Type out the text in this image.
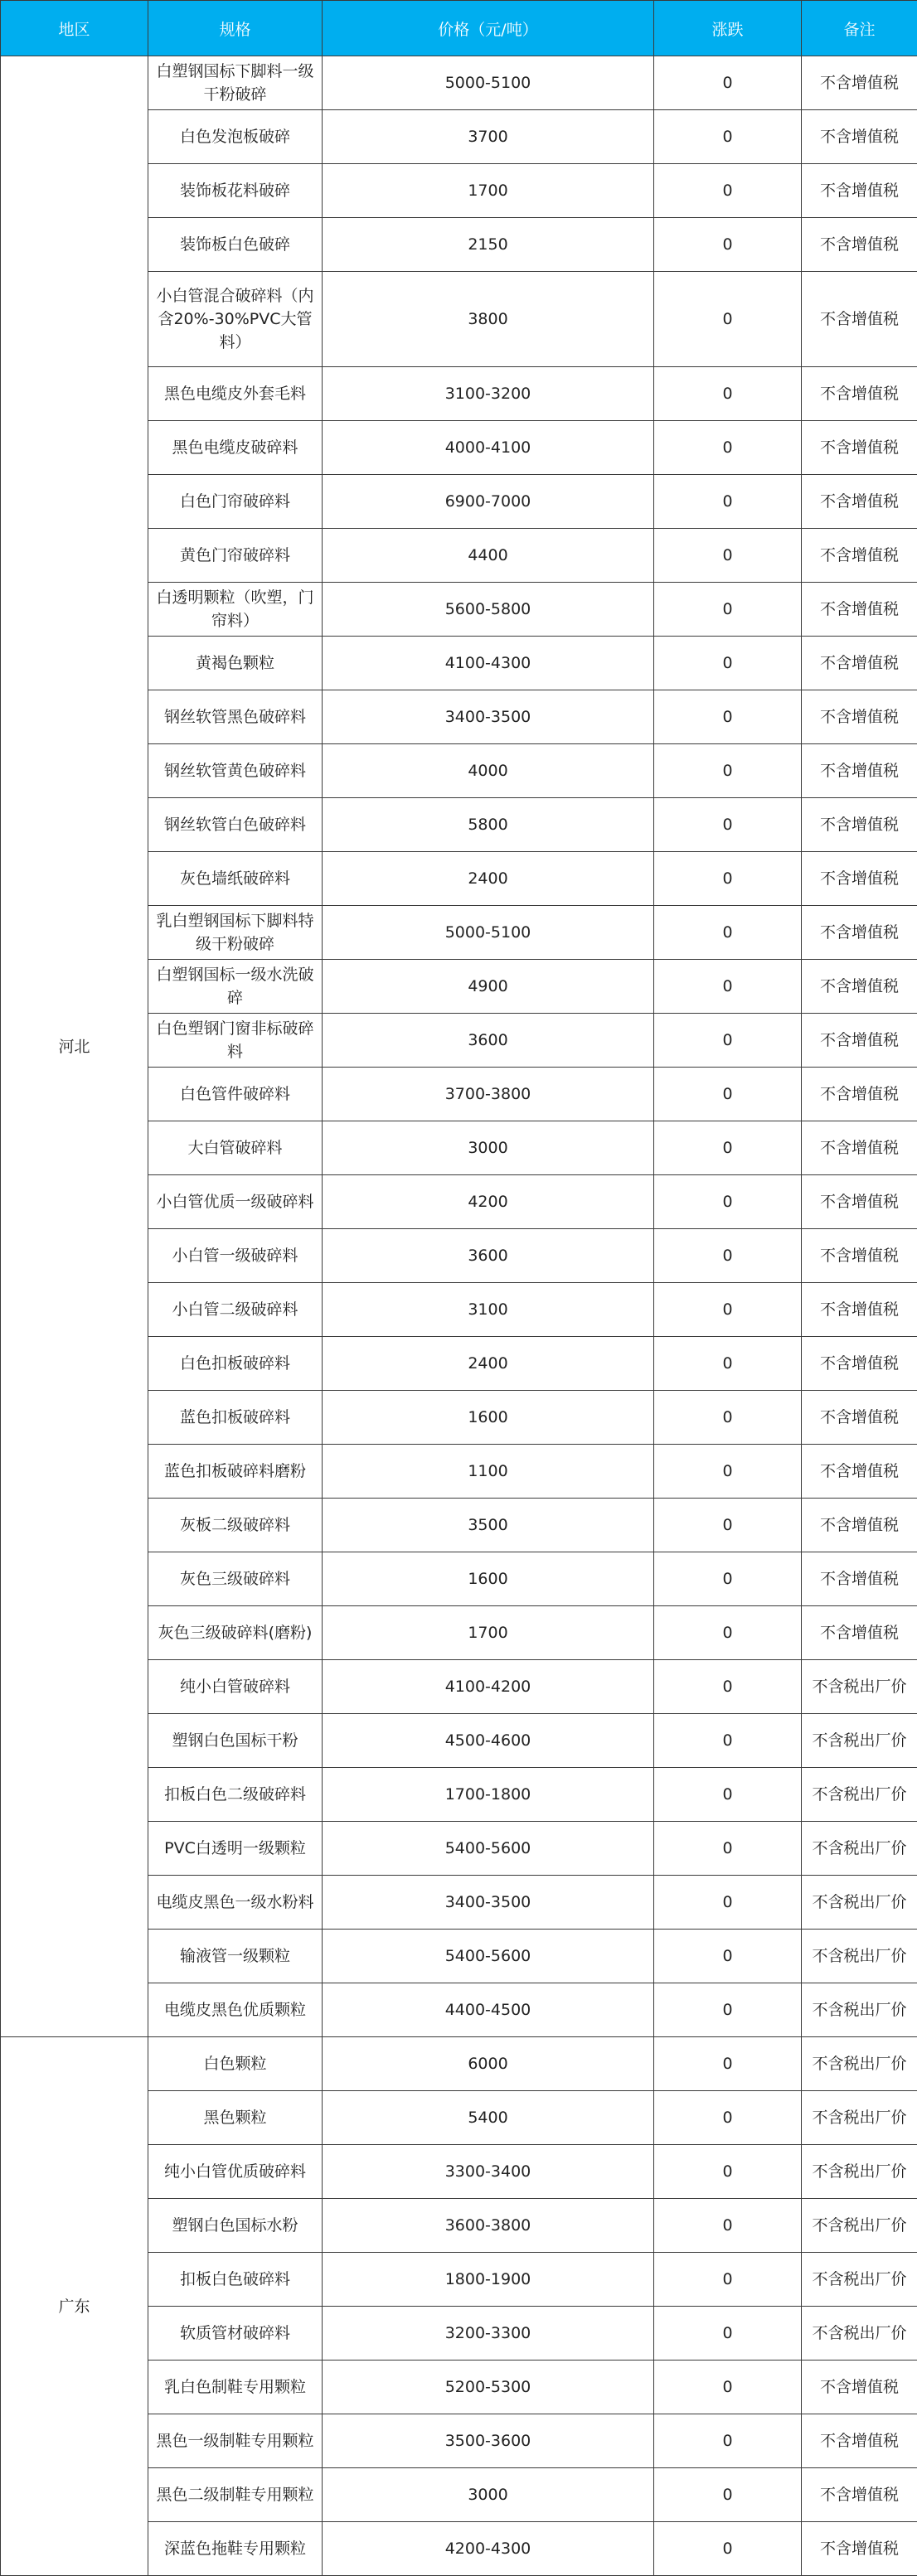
地区	规格	价格（元/吨）	涨跌	备注
河北	白塑钢国标下脚料一级干粉破碎	5000-5100	0	不含增值税
	白色发泡板破碎	3700	0	不含增值税
	装饰板花料破碎	1700	0	不含增值税
	装饰板白色破碎	2150	0	不含增值税
	小白管混合破碎料（内含20%-30%PVC大管料）	3800	0	不含增值税
	黑色电缆皮外套毛料	3100-3200	0	不含增值税
	黑色电缆皮破碎料	4000-4100	0	不含增值税
	白色门帘破碎料	6900-7000	0	不含增值税
	黄色门帘破碎料	4400	0	不含增值税
	白透明颗粒（吹塑，门帘料）	5600-5800	0	不含增值税
	黄褐色颗粒	4100-4300	0	不含增值税
	钢丝软管黑色破碎料	3400-3500	0	不含增值税
	钢丝软管黄色破碎料	4000	0	不含增值税
	钢丝软管白色破碎料	5800	0	不含增值税
	灰色墙纸破碎料	2400	0	不含增值税
	乳白塑钢国标下脚料特级干粉破碎	5000-5100	0	不含增值税
	白塑钢国标一级水洗破碎	4900	0	不含增值税
	白色塑钢门窗非标破碎料	3600	0	不含增值税
	白色管件破碎料	3700-3800	0	不含增值税
	大白管破碎料	3000	0	不含增值税
	小白管优质一级破碎料	4200	0	不含增值税
	小白管一级破碎料	3600	0	不含增值税
	小白管二级破碎料	3100	0	不含增值税
	白色扣板破碎料	2400	0	不含增值税
	蓝色扣板破碎料	1600	0	不含增值税
	蓝色扣板破碎料磨粉	1100	0	不含增值税
	灰板二级破碎料	3500	0	不含增值税
	灰色三级破碎料	1600	0	不含增值税
	灰色三级破碎料(磨粉)	1700	0	不含增值税
	纯小白管破碎料	4100-4200	0	不含税出厂价
	塑钢白色国标干粉	4500-4600	0	不含税出厂价
	扣板白色二级破碎料	1700-1800	0	不含税出厂价
	PVC白透明一级颗粒	5400-5600	0	不含税出厂价
	电缆皮黑色一级水粉料	3400-3500	0	不含税出厂价
	输液管一级颗粒	5400-5600	0	不含税出厂价
	电缆皮黑色优质颗粒	4400-4500	0	不含税出厂价
广东	白色颗粒	6000	0	不含税出厂价
	黑色颗粒	5400	0	不含税出厂价
	纯小白管优质破碎料	3300-3400	0	不含税出厂价
	塑钢白色国标水粉	3600-3800	0	不含税出厂价
	扣板白色破碎料	1800-1900	0	不含税出厂价
	软质管材破碎料	3200-3300	0	不含税出厂价
	乳白色制鞋专用颗粒	5200-5300	0	不含增值税
	黑色一级制鞋专用颗粒	3500-3600	0	不含增值税
	黑色二级制鞋专用颗粒	3000	0	不含增值税
	深蓝色拖鞋专用颗粒	4200-4300	0	不含增值税
